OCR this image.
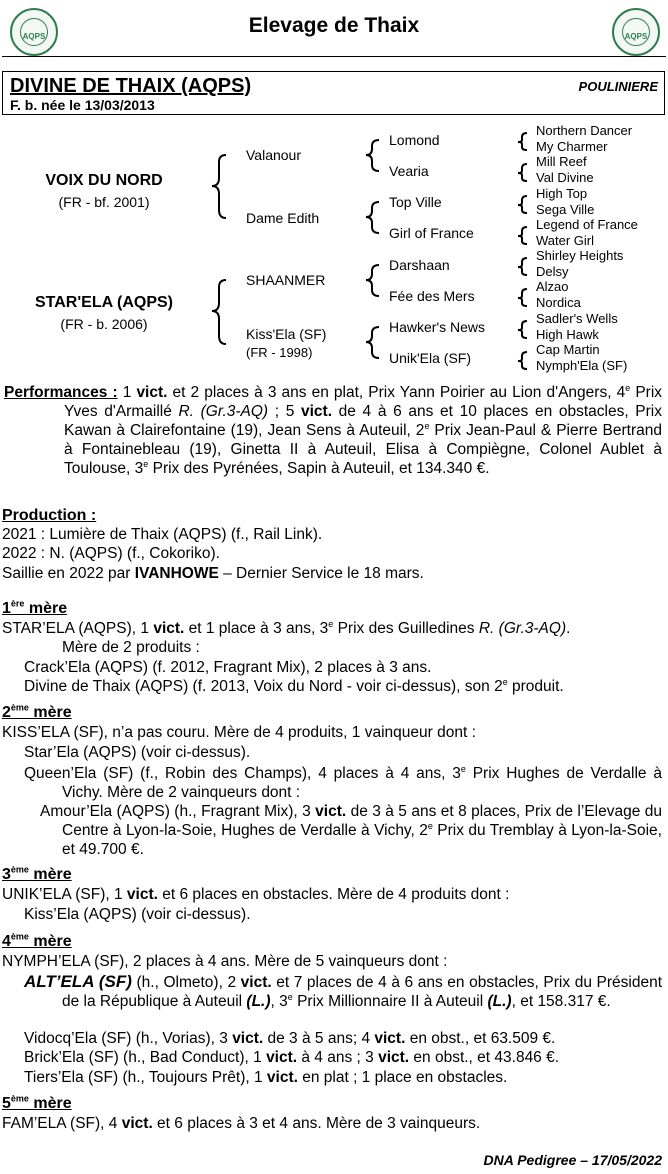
AQPS	AQPS
Elevage de Thaix
DIVINE DE THAIX (AQPS)	POULINIERE
F. b. née le 13/03/2013
VOIX DU NORD
(FR - bf. 2001)
STAR'ELA (AQPS)
(FR - b. 2006)
Valanour
Dame Edith
SHAANMER
Kiss'Ela (SF)
(FR - 1998)
Lomond
Vearia
Top Ville
Girl of France
Darshaan
Fée des Mers
Hawker's News
Unik'Ela (SF)
Northern Dancer
My Charmer
Mill Reef
Val Divine
High Top
Sega Ville
Legend of France
Water Girl
Shirley Heights
Delsy
Alzao
Nordica
Sadler's Wells
High Hawk
Cap Martin
Nymph'Ela (SF)
Performances : 1 vict. et 2 places à 3 ans en plat, Prix Yann Poirier au Lion d'Angers, 4e Prix Yves d'Armaillé R. (Gr.3-AQ) ; 5 vict. de 4 à 6 ans et 10 places en obstacles, Prix Kawan à Clairefontaine (19), Jean Sens à Auteuil, 2e Prix Jean-Paul & Pierre Bertrand à Fontainebleau (19), Ginetta II à Auteuil, Elisa à Compiègne, Colonel Aublet à Toulouse, 3e Prix des Pyrénées, Sapin à Auteuil, et 134.340 €.
Production :
2021 : Lumière de Thaix (AQPS) (f., Rail Link).
2022 : N. (AQPS) (f., Cokoriko).
Saillie en 2022 par IVANHOWE – Dernier Service le 18 mars.
1ère mère
STAR’ELA (AQPS), 1 vict. et 1 place à 3 ans, 3e Prix des Guilledines R. (Gr.3-AQ).
Mère de 2 produits :
Crack’Ela (AQPS) (f. 2012, Fragrant Mix), 2 places à 3 ans.
Divine de Thaix (AQPS) (f. 2013, Voix du Nord - voir ci-dessus), son 2e produit.
2ème mère
KISS’ELA (SF), n’a pas couru. Mère de 4 produits, 1 vainqueur dont :
Star’Ela (AQPS) (voir ci-dessus).
Queen’Ela (SF) (f., Robin des Champs), 4 places à 4 ans, 3e Prix Hughes de Verdalle à Vichy. Mère de 2 vainqueurs dont :
Amour’Ela (AQPS) (h., Fragrant Mix), 3 vict. de 3 à 5 ans et 8 places, Prix de l’Elevage du Centre à Lyon-la-Soie, Hughes de Verdalle à Vichy, 2e Prix du Tremblay à Lyon-la-Soie, et 49.700 €.
3ème mère
UNIK’ELA (SF), 1 vict. et 6 places en obstacles. Mère de 4 produits dont :
Kiss’Ela (AQPS) (voir ci-dessus).
4ème mère
NYMPH’ELA (SF), 2 places à 4 ans. Mère de 5 vainqueurs dont :
ALT’ELA (SF) (h., Olmeto), 2 vict. et 7 places de 4 à 6 ans en obstacles, Prix du Président de la République à Auteuil (L.), 3e Prix Millionnaire II à Auteuil (L.), et 158.317 €.
Vidocq’Ela (SF) (h., Vorias), 3 vict. de 3 à 5 ans; 4 vict. en obst., et 63.509 €.
Brick’Ela (SF) (h., Bad Conduct), 1 vict. à 4 ans ; 3 vict. en obst., et 43.846 €.
Tiers’Ela (SF) (h., Toujours Prêt), 1 vict. en plat ; 1 place en obstacles.
5ème mère
FAM’ELA (SF), 4 vict. et 6 places à 3 et 4 ans. Mère de 3 vainqueurs.
DNA Pedigree – 17/05/2022
